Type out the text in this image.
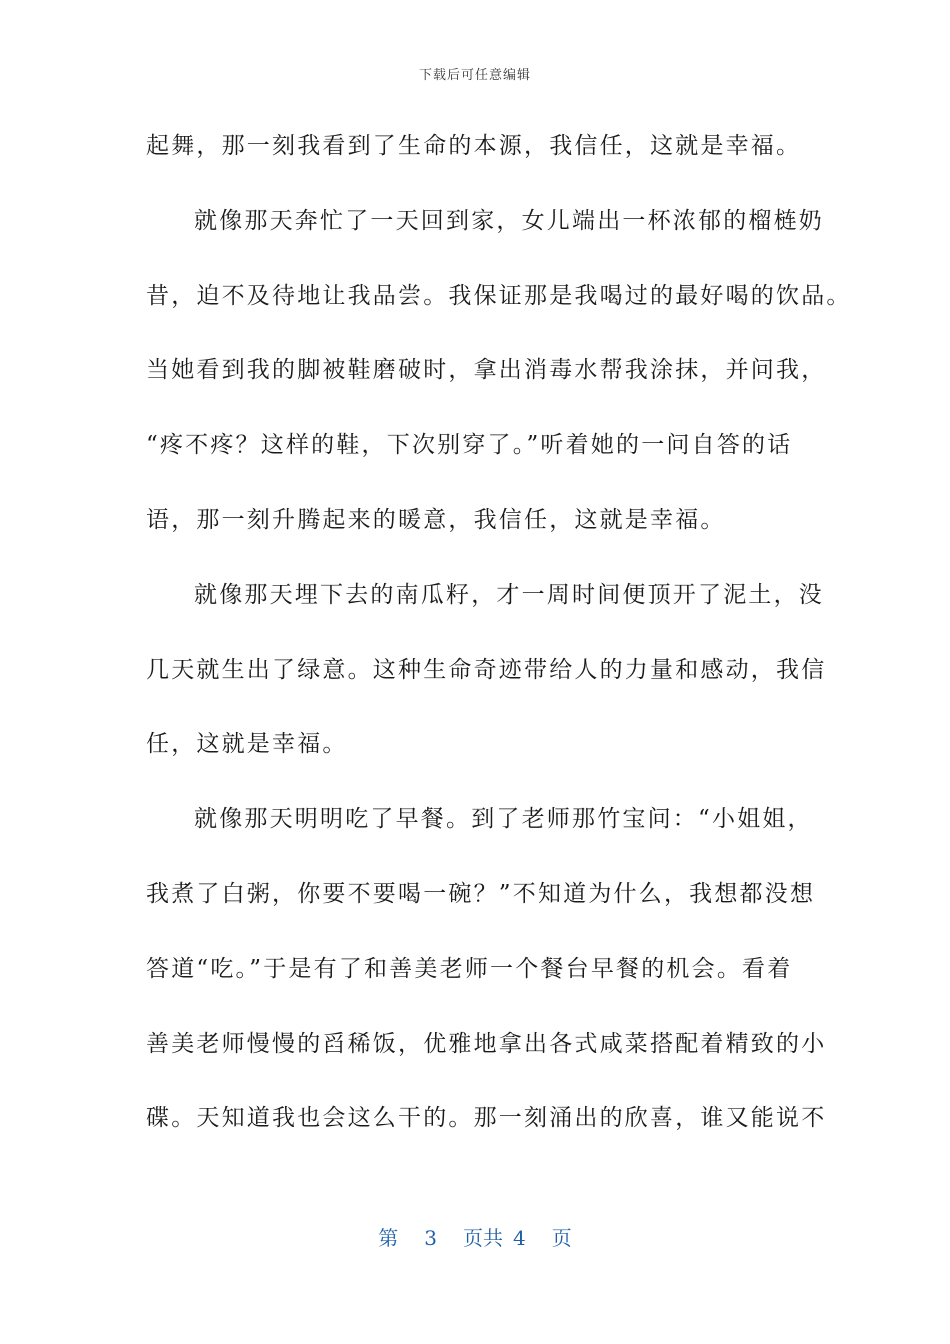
下载后可任意编辑
起舞，那一刻我看到了生命的本源，我信任，这就是幸福。
就像那天奔忙了一天回到家，女儿端出一杯浓郁的榴梿奶
昔，迫不及待地让我品尝。我保证那是我喝过的最好喝的饮品。
当她看到我的脚被鞋磨破时，拿出消毒水帮我涂抹，并问我，
“疼不疼？这样的鞋，下次别穿了。”听着她的一问自答的话
语，那一刻升腾起来的暖意，我信任，这就是幸福。
就像那天埋下去的南瓜籽，才一周时间便顶开了泥土，没
几天就生出了绿意。这种生命奇迹带给人的力量和感动，我信
任，这就是幸福。
就像那天明明吃了早餐。到了老师那竹宝问：“小姐姐，
我煮了白粥，你要不要喝一碗？”不知道为什么，我想都没想
答道“吃。”于是有了和善美老师一个餐台早餐的机会。看着
善美老师慢慢的舀稀饭，优雅地拿出各式咸菜搭配着精致的小
碟。天知道我也会这么干的。那一刻涌出的欣喜，谁又能说不
第 3 页共 4 页
